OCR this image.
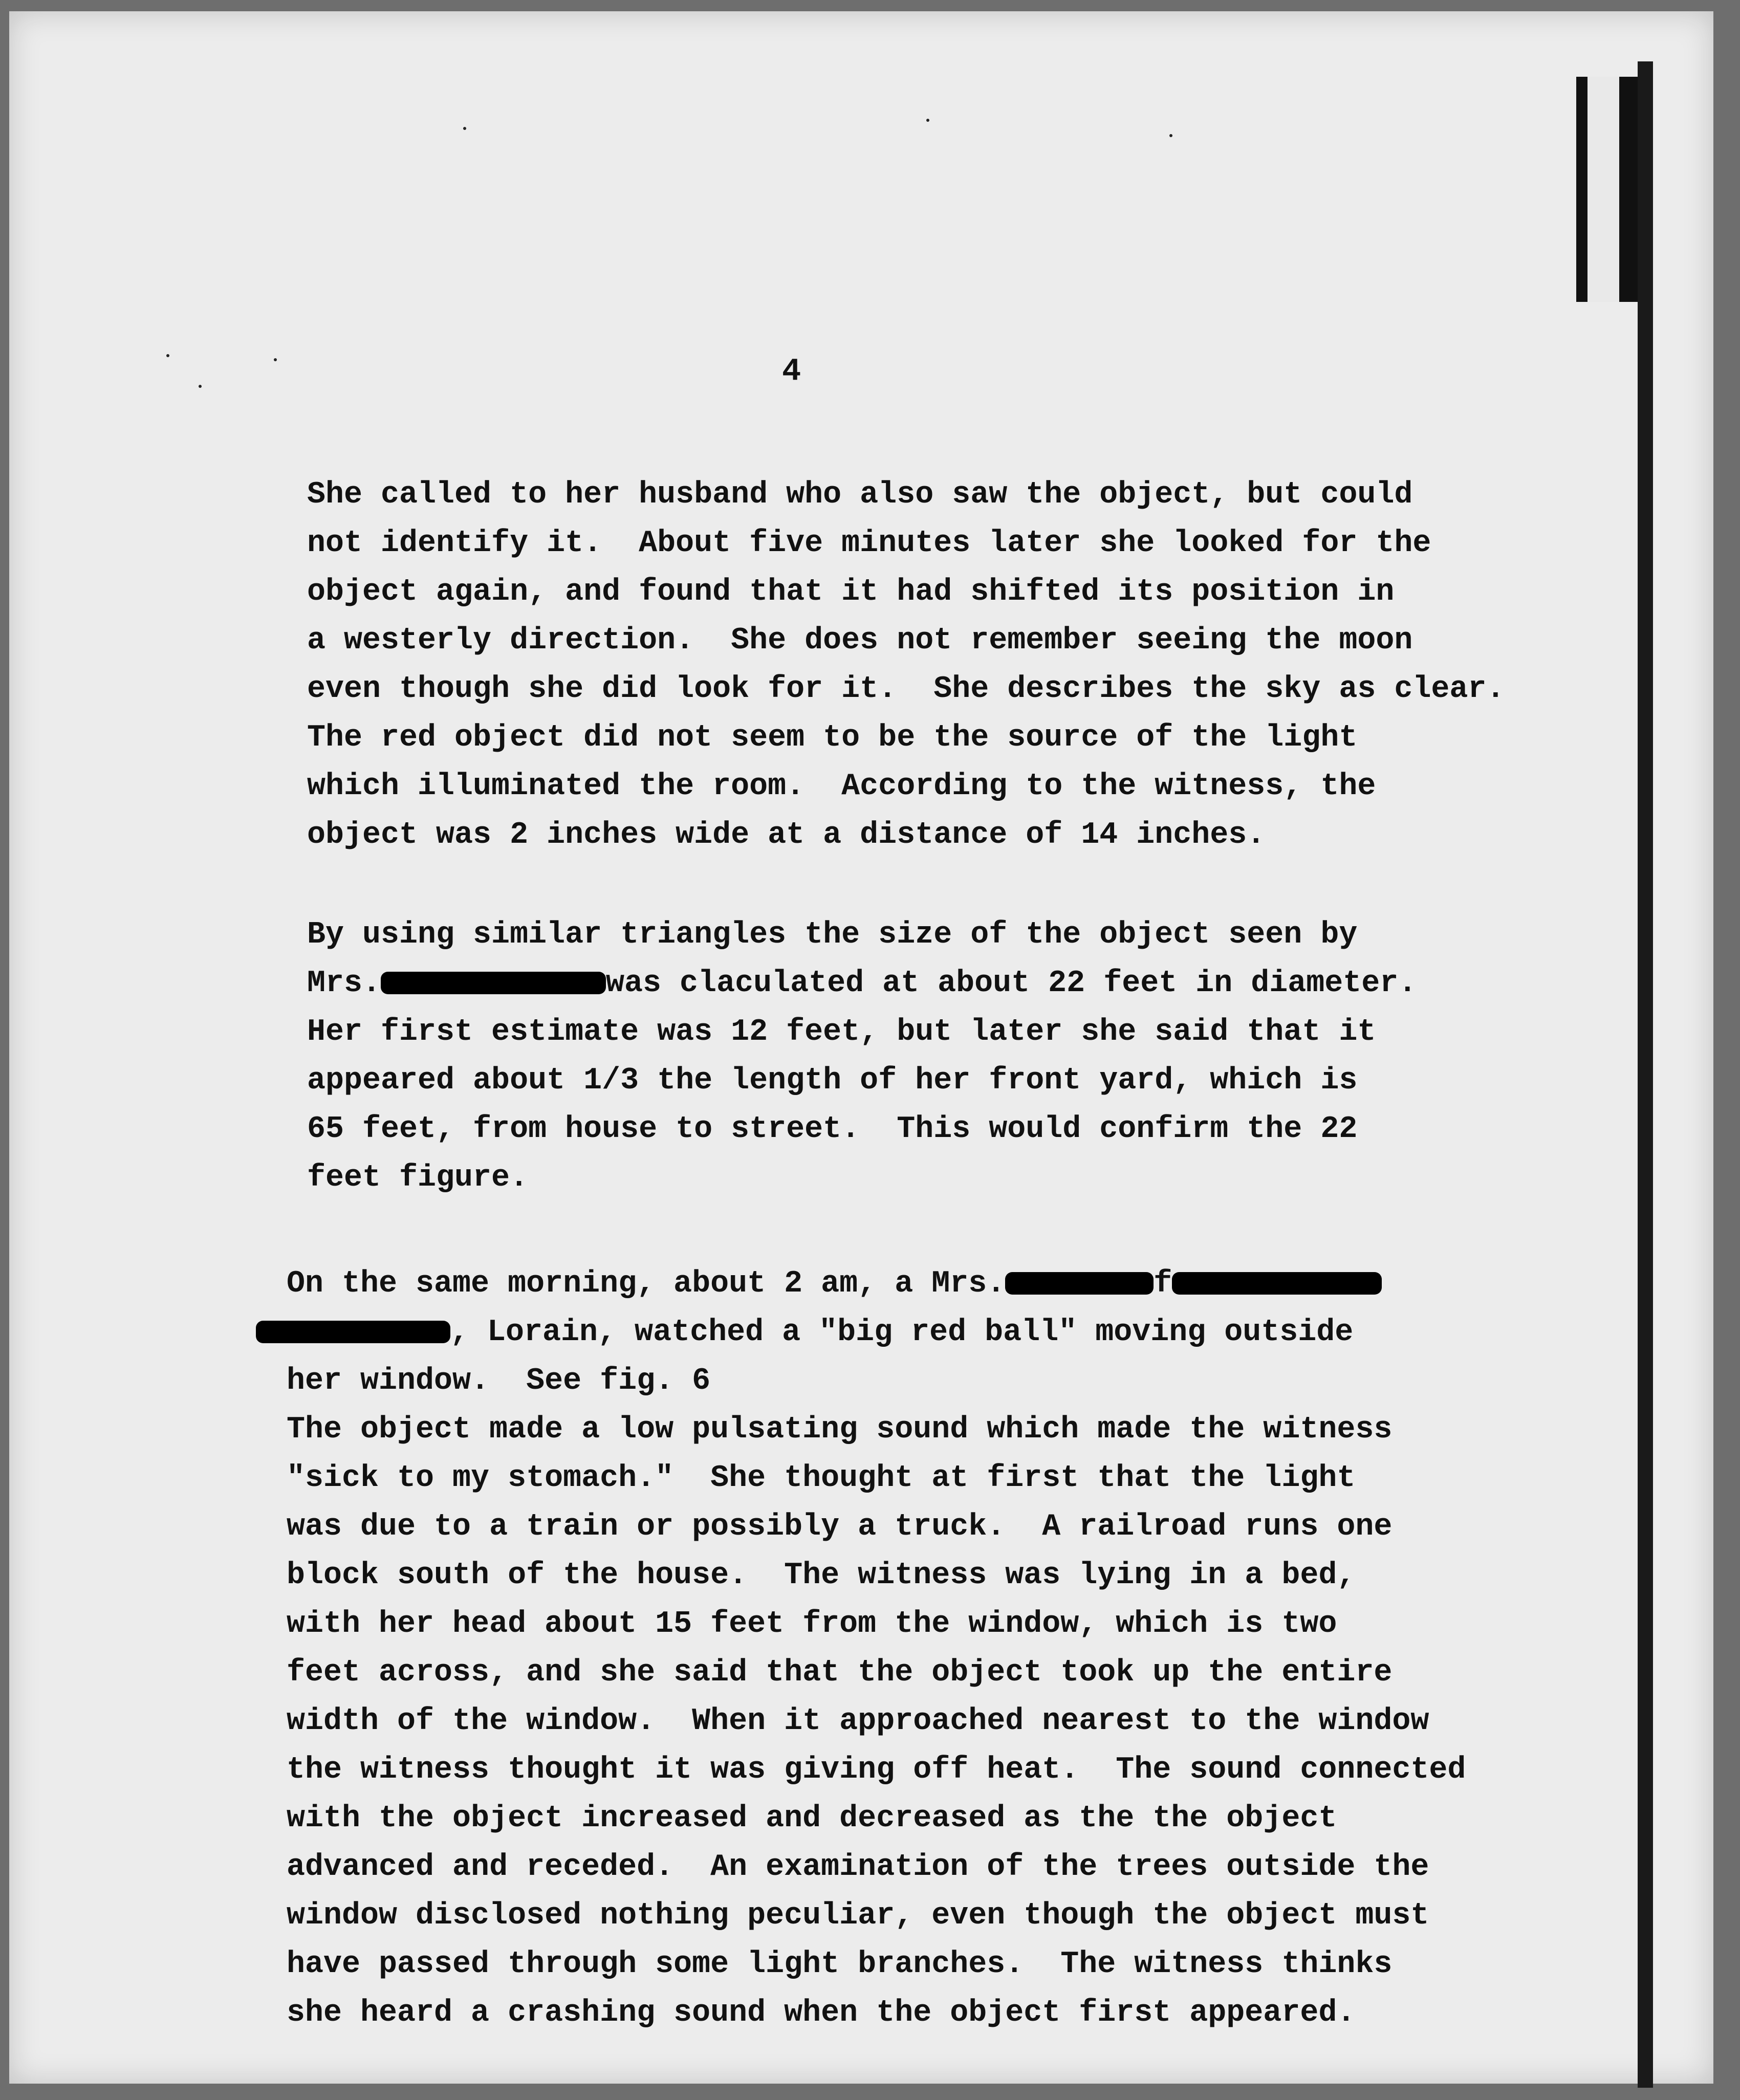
4
She called to her husband who also saw the object, but could
not identify it.  About five minutes later she looked for the
object again, and found that it had shifted its position in
a westerly direction.  She does not remember seeing the moon
even though she did look for it.  She describes the sky as clear.
The red object did not seem to be the source of the light
which illuminated the room.  According to the witness, the
object was 2 inches wide at a distance of 14 inches.
By using similar triangles the size of the object seen by
Mrs.	was claculated at about 22 feet in diameter.
Her first estimate was 12 feet, but later she said that it
appeared about 1/3 the length of her front yard, which is
65 feet, from house to street.  This would confirm the 22
feet figure.
On the same morning, about 2 am, a Mrs.	f
, Lorain, watched a "big red ball" moving outside
her window.  See fig. 6
The object made a low pulsating sound which made the witness
"sick to my stomach."  She thought at first that the light
was due to a train or possibly a truck.  A railroad runs one
block south of the house.  The witness was lying in a bed,
with her head about 15 feet from the window, which is two
feet across, and she said that the object took up the entire
width of the window.  When it approached nearest to the window
the witness thought it was giving off heat.  The sound connected
with the object increased and decreased as the the object
advanced and receded.  An examination of the trees outside the
window disclosed nothing peculiar, even though the object must
have passed through some light branches.  The witness thinks
she heard a crashing sound when the object first appeared.
